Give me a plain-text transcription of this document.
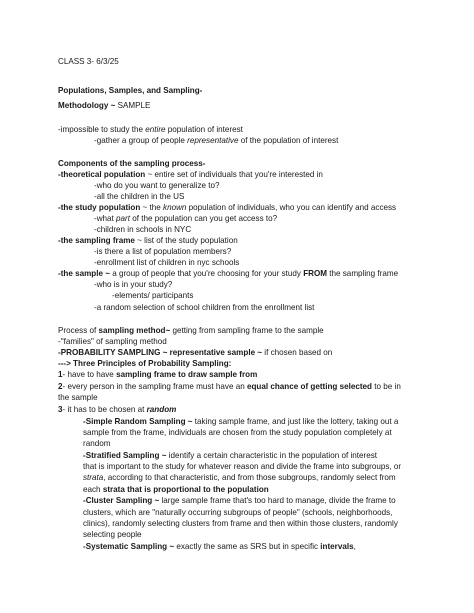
CLASS 3- 6/3/25
Populations, Samples, and Sampling-
Methodology ~ SAMPLE
-impossible to study the entire population of interest
-gather a group of people representative of the population of interest
Components of the sampling process-
-theoretical population ~ entire set of individuals that you're interested in
-who do you want to generalize to?
-all the children in the US
-the study population ~ the known population of individuals, who you can identify and access
-what part of the population can you get access to?
-children in schools in NYC
-the sampling frame ~ list of the study population
-is there a list of population members?
-enrollment list of children in nyc schools
-the sample ~ a group of people that you're choosing for your study FROM the sampling frame
-who is in your study?
-elements/ participants
-a random selection of school children from the enrollment list
Process of sampling method~ getting from sampling frame to the sample
-"families" of sampling method
-PROBABILITY SAMPLING ~ representative sample ~ if chosen based on
---> Three Principles of Probability Sampling:
1- have to have sampling frame to draw sample from
2- every person in the sampling frame must have an equal chance of getting selected to be in
the sample
3- it has to be chosen at random
-Simple Random Sampling ~ taking sample frame, and just like the lottery, taking out a
sample from the frame, individuals are chosen from the study population completely at
random
-Stratified Sampling ~ identify a certain characteristic in the population of interest
that is important to the study for whatever reason and divide the frame into subgroups, or
strata, according to that characteristic, and from those subgroups, randomly select from
each strata that is proportional to the population
-Cluster Sampling ~ large sample frame that's too hard to manage, divide the frame to
clusters, which are "naturally occurring subgroups of people" (schools, neighborhoods,
clinics), randomly selecting clusters from frame and then within those clusters, randomly
selecting people
-Systematic Sampling ~ exactly the same as SRS but in specific intervals,
